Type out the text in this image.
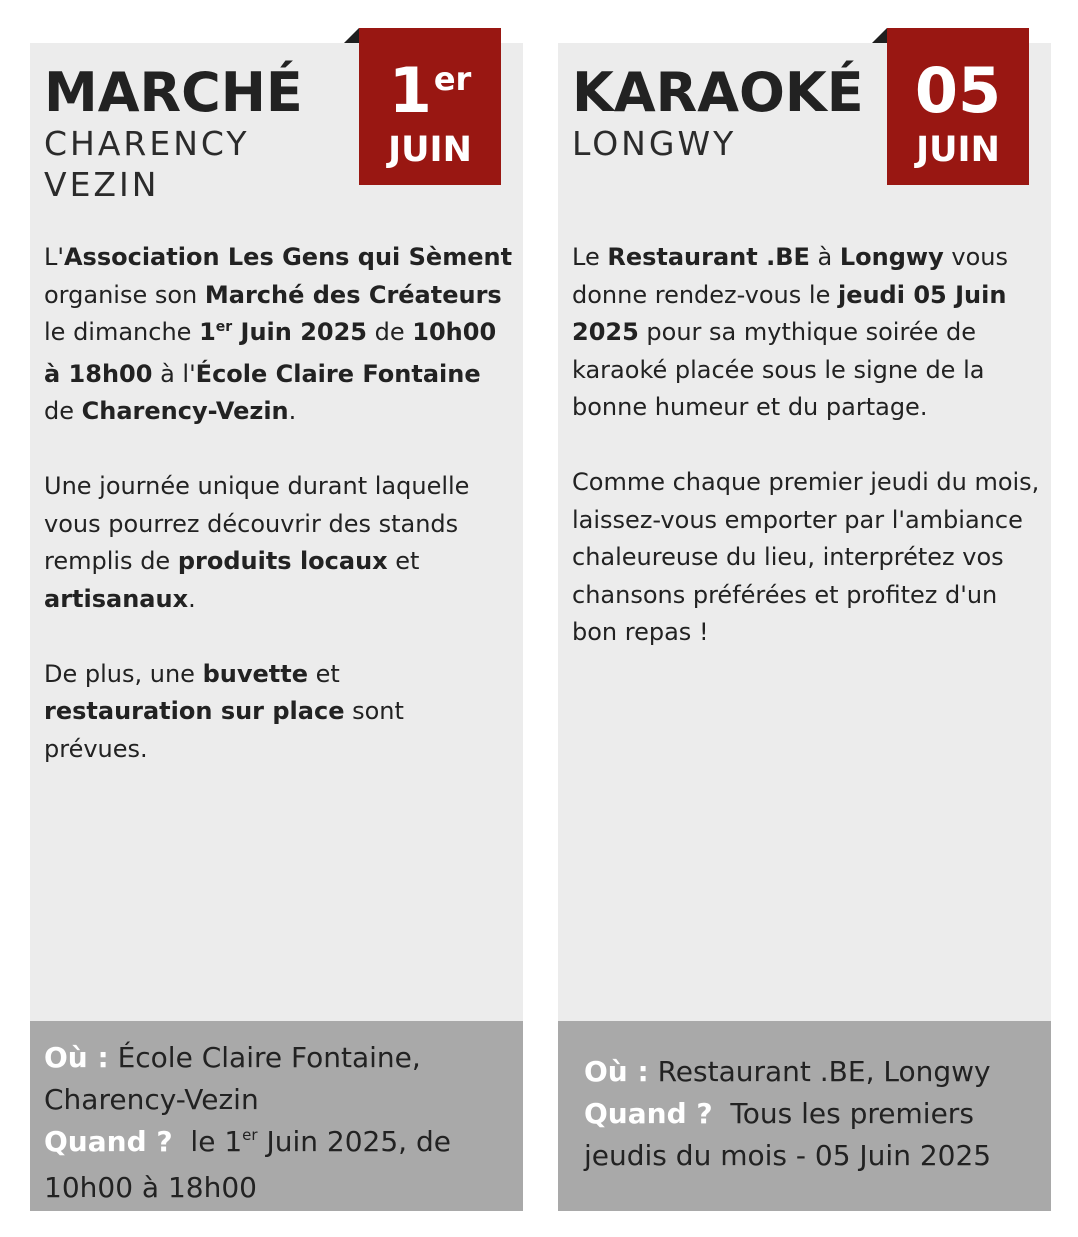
MARCHÉ
CHARENCY
VEZIN
1er
JUIN

L'Association Les Gens qui Sèment organise son Marché des Créateurs le dimanche 1er Juin 2025 de 10h00 à 18h00 à l'École Claire Fontaine de Charency-Vezin.

Une journée unique durant laquelle vous pourrez découvrir des stands remplis de produits locaux et artisanaux.

De plus, une buvette et restauration sur place sont prévues.

Où : École Claire Fontaine, Charency-Vezin
Quand ? le 1er Juin 2025, de 10h00 à 18h00
KARAOKÉ
LONGWY
05
JUIN

Le Restaurant .BE à Longwy vous donne rendez-vous le jeudi 05 Juin 2025 pour sa mythique soirée de karaoké placée sous le signe de la bonne humeur et du partage.

Comme chaque premier jeudi du mois, laissez-vous emporter par l'ambiance chaleureuse du lieu, interprétez vos chansons préférées et profitez d'un bon repas !

Où : Restaurant .BE, Longwy
Quand ? Tous les premiers jeudis du mois - 05 Juin 2025
